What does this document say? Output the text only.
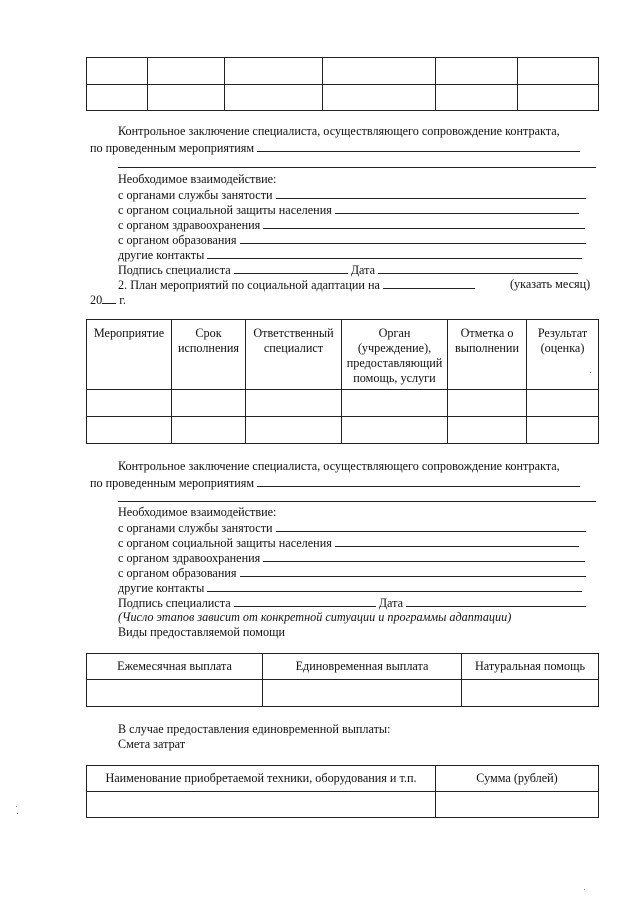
Контрольное заключение специалиста, осуществляющего сопровождение контракта,
по проведенным мероприятиям
Необходимое взаимодействие:
с органами службы занятости
с органом социальной защиты населения
с органом здравоохранения
с органом образования
другие контакты
Подпись специалиста	Дата
2. План мероприятий по социальной адаптации на	(указать месяц)
20 г.
Мероприятие	Срок исполнения	Ответственный специалист	Орган (учреждение), предоставляющий помощь, услуги	Отметка о выполнении	Результат (оценка)

Контрольное заключение специалиста, осуществляющего сопровождение контракта,
по проведенным мероприятиям
Необходимое взаимодействие:
с органами службы занятости
с органом социальной защиты населения
с органом здравоохранения
с органом образования
другие контакты
Подпись специалиста	Дата
(Число этапов зависит от конкретной ситуации и программы адаптации)
Виды предоставляемой помощи
Ежемесячная выплата	Единовременная выплата	Натуральная помощь

В случае предоставления единовременной выплаты:
Смета затрат
Наименование приобретаемой техники, оборудования и т.п.	Сумма (рублей)
